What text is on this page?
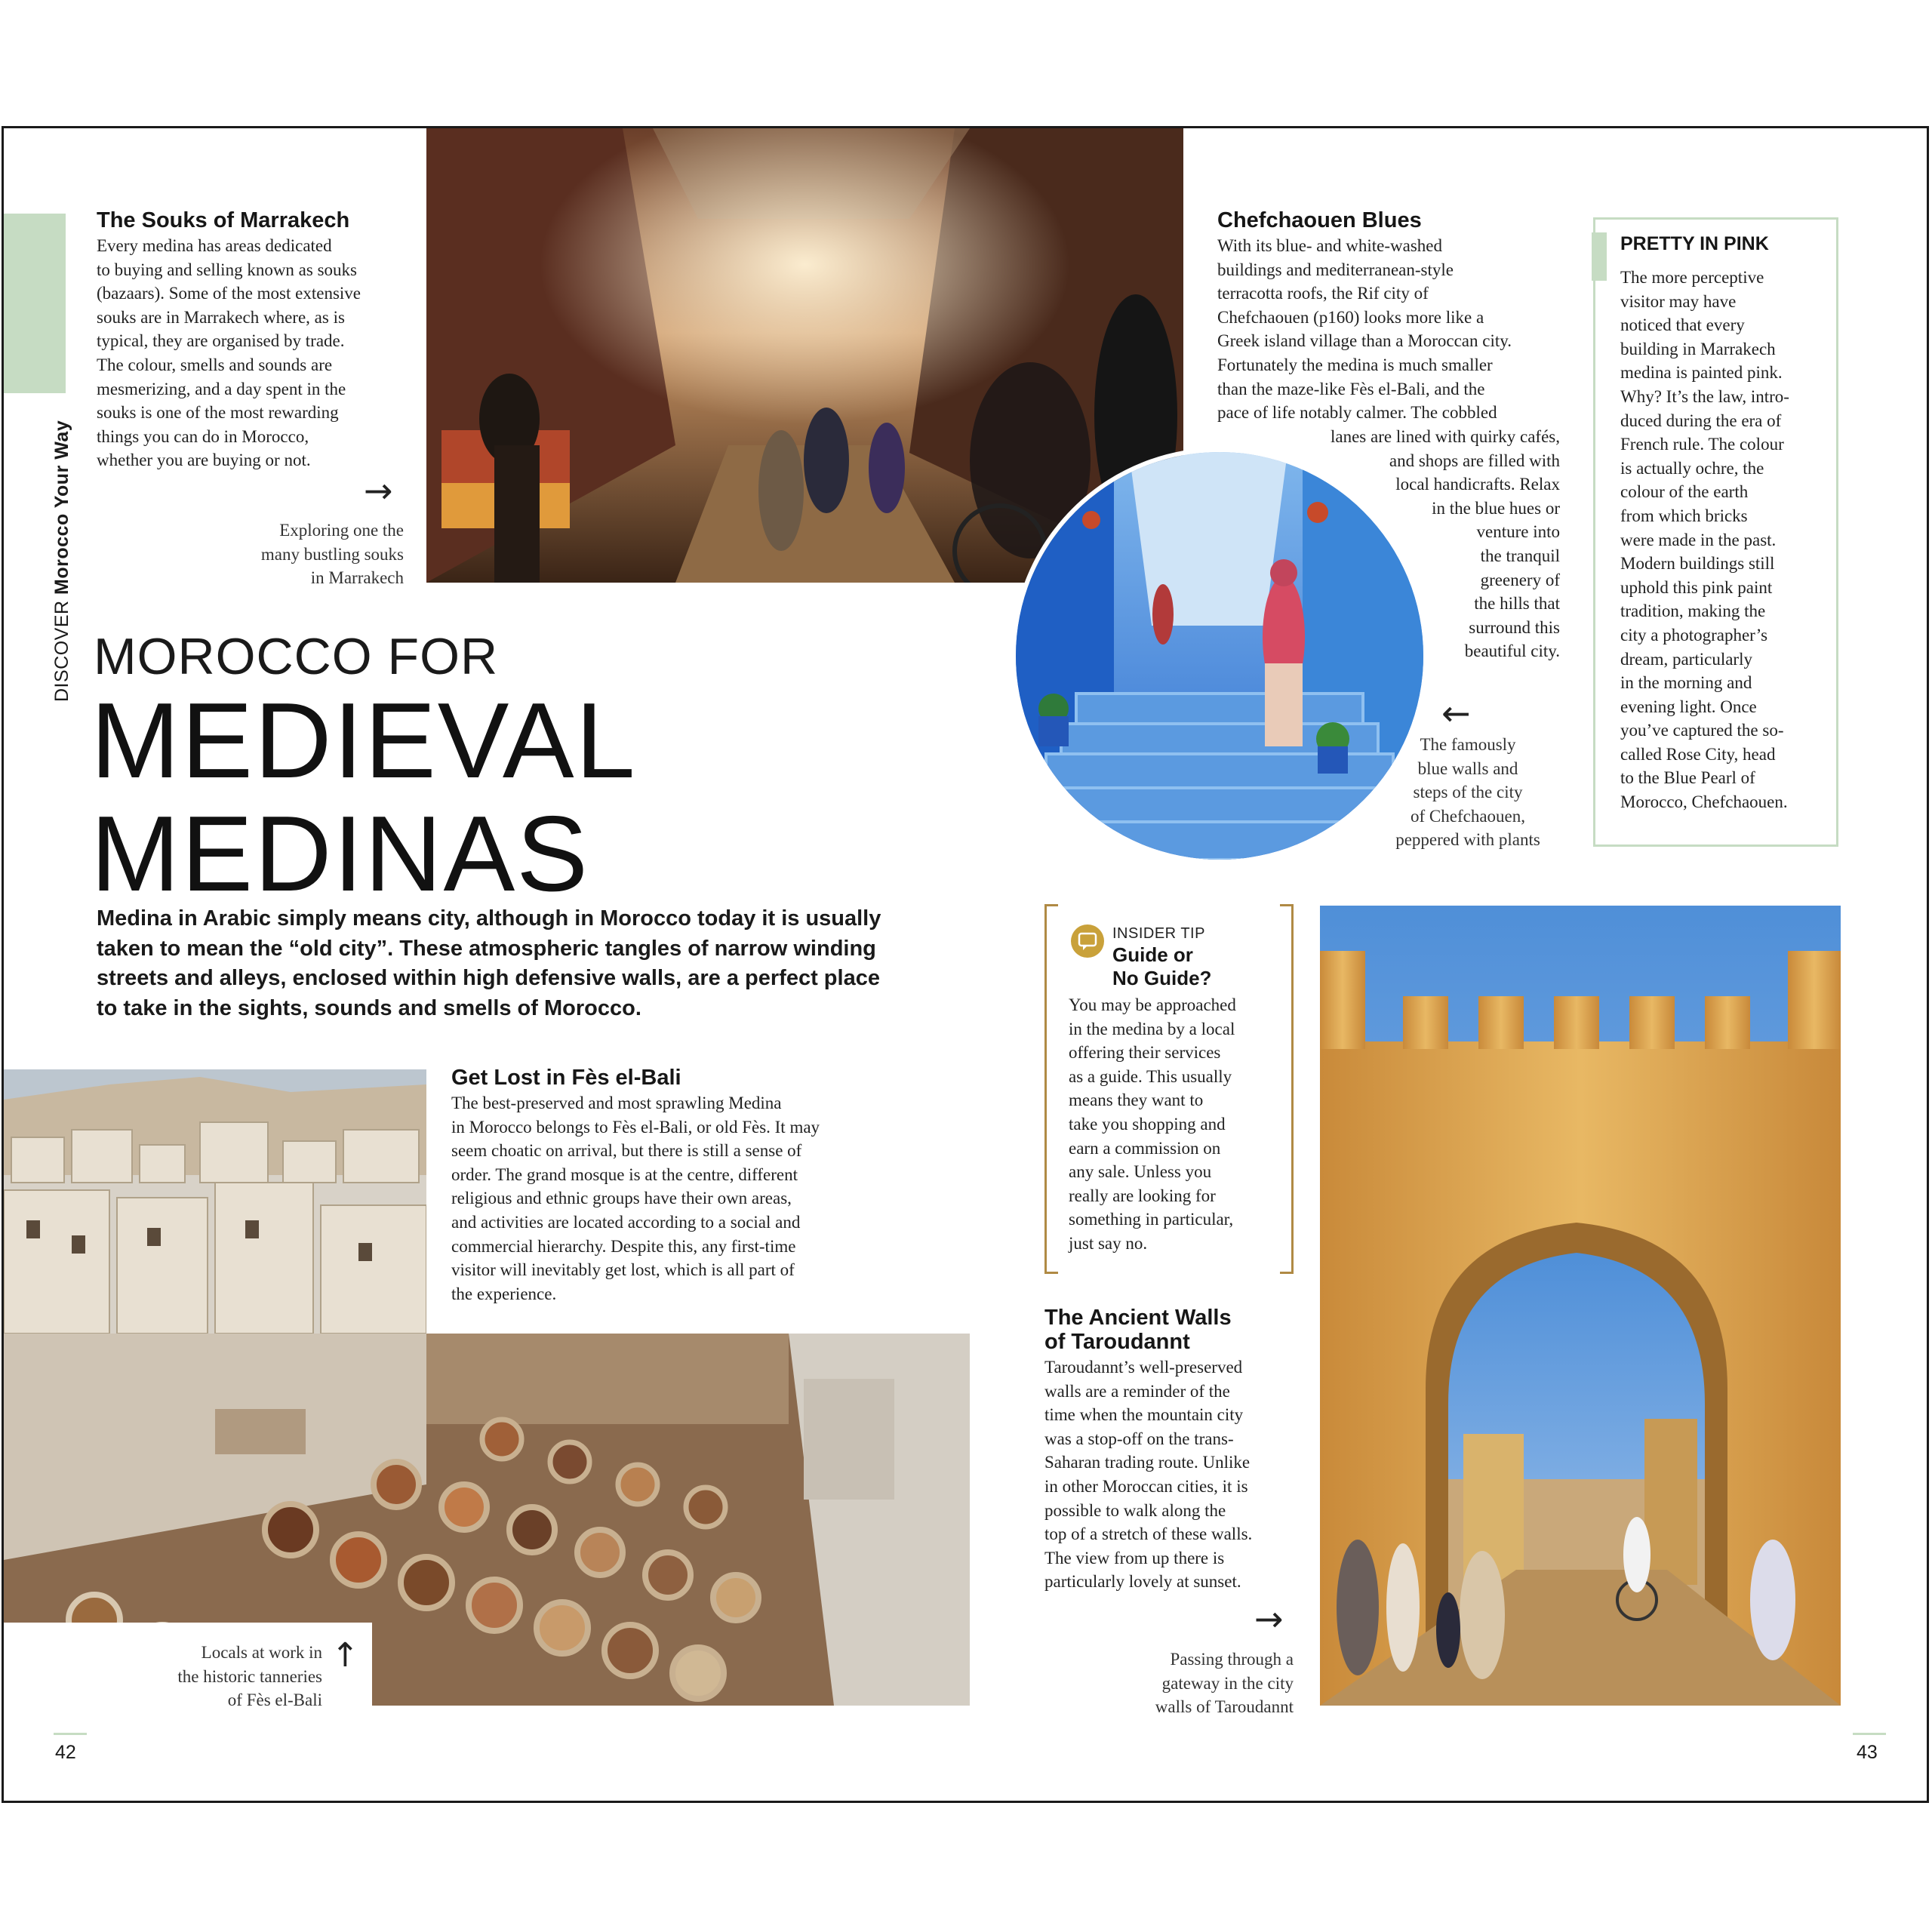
DISCOVER Morocco Your Way
The Souks of Marrakech

Every medina has areas dedicated

to buying and selling known as souks

(bazaars). Some of the most extensive

souks are in Marrakech where, as is

typical, they are organised by trade.

The colour, smells and sounds are

mesmerizing, and a day spent in the

souks is one of the most rewarding

things you can do in Morocco,

whether you are buying or not.

→
Exploring one the
many bustling souks
in Marrakech
MOROCCO FOR
MEDIEVAL
MEDINAS
Medina in Arabic simply means city, although in Morocco today it is usually
taken to mean the “old city”. These atmospheric tangles of narrow winding
streets and alleys, enclosed within high defensive walls, are a perfect place
to take in the sights, sounds and smells of Morocco.
Chefchaouen Blues

With its blue- and white-washed

buildings and mediterranean-style

terracotta roofs, the Rif city of

Chefchaouen (p160) looks more like a

Greek island village than a Moroccan city.

Fortunately the medina is much smaller

than the maze-like Fès el-Bali, and the

pace of life notably calmer. The cobbled

lanes are lined with quirky cafés,

and shops are filled with

local handicrafts. Relax

in the blue hues or

venture into

the tranquil

greenery of

the hills that

surround this

beautiful city.

←
The famously
blue walls and
steps of the city
of Chefchaouen,
peppered with plants
PRETTY IN PINK

The more perceptive

visitor may have

noticed that every

building in Marrakech

medina is painted pink.

Why? It’s the law, intro-

duced during the era of

French rule. The colour

is actually ochre, the

colour of the earth

from which bricks

were made in the past.

Modern buildings still

uphold this pink paint

tradition, making the

city a photographer’s

dream, particularly

in the morning and

evening light. Once

you’ve captured the so-

called Rose City, head

to the Blue Pearl of

Morocco, Chefchaouen.

INSIDER TIP
Guide or
No Guide?

You may be approached

in the medina by a local

offering their services

as a guide. This usually

means they want to

take you shopping and

earn a commission on

any sale. Unless you

really are looking for

something in particular,

just say no.

The Ancient Walls
of Taroudannt

Taroudannt’s well-preserved

walls are a reminder of the

time when the mountain city

was a stop-off on the trans-

Saharan trading route. Unlike

in other Moroccan cities, it is

possible to walk along the

top of a stretch of these walls.

The view from up there is

particularly lovely at sunset.

→
Passing through a
gateway in the city
walls of Taroudannt
Get Lost in Fès el-Bali

The best-preserved and most sprawling Medina

in Morocco belongs to Fès el-Bali, or old Fès. It may

seem choatic on arrival, but there is still a sense of

order. The grand mosque is at the centre, different

religious and ethnic groups have their own areas,

and activities are located according to a social and

commercial hierarchy. Despite this, any first-time

visitor will inevitably get lost, which is all part of

the experience.

Locals at work in
the historic tanneries
of Fès el-Bali
↑
42	43
